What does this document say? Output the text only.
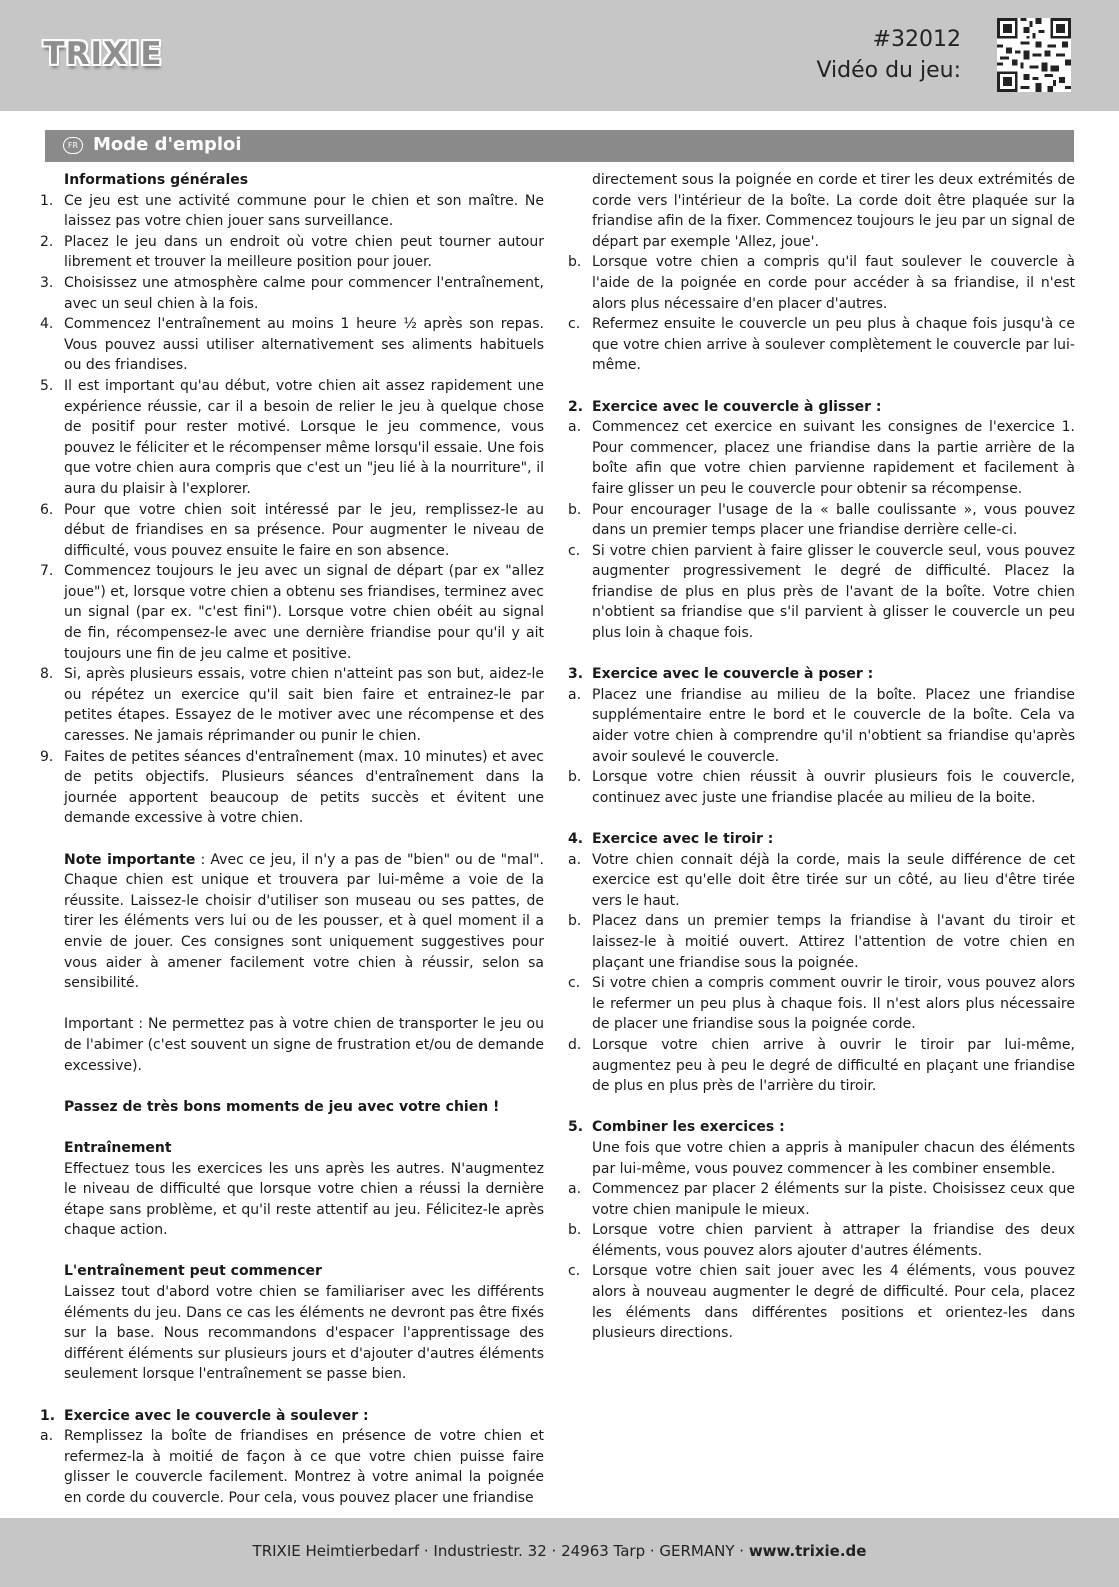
TRIXIE	#32012
Vidéo du jeu:
FR Mode d'emploi

Informations générales

1. Ce jeu est une activité commune pour le chien et son maître. Ne laissez pas votre chien jouer sans surveillance.
2. Placez le jeu dans un endroit où votre chien peut tourner autour librement et trouver la meilleure position pour jouer.
3. Choisissez une atmosphère calme pour commencer l'entraînement, avec un seul chien à la fois.
4. Commencez l'entraînement au moins 1 heure ½ après son repas. Vous pouvez aussi utiliser alternativement ses aliments habituels ou des friandises.
5. Il est important qu'au début, votre chien ait assez rapidement une expérience réussie, car il a besoin de relier le jeu à quelque chose de positif pour rester motivé. Lorsque le jeu commence, vous pouvez le féliciter et le récompenser même lorsqu'il essaie. Une fois que votre chien aura compris que c'est un "jeu lié à la nourriture", il aura du plaisir à l'explorer.
6. Pour que votre chien soit intéressé par le jeu, remplissez-le au début de friandises en sa présence. Pour augmenter le niveau de difficulté, vous pouvez ensuite le faire en son absence.
7. Commencez toujours le jeu avec un signal de départ (par ex "allez joue") et, lorsque votre chien a obtenu ses friandises, terminez avec un signal (par ex. "c'est fini"). Lorsque votre chien obéit au signal de fin, récompensez-le avec une dernière friandise pour qu'il y ait toujours une fin de jeu calme et positive.
8. Si, après plusieurs essais, votre chien n'atteint pas son but, aidez-le ou répétez un exercice qu'il sait bien faire et entrainez-le par petites étapes. Essayez de le motiver avec une récompense et des caresses. Ne jamais réprimander ou punir le chien.
9. Faites de petites séances d'entraînement (max. 10 minutes) et avec de petits objectifs. Plusieurs séances d'entraînement dans la journée apportent beaucoup de petits succès et évitent une demande excessive à votre chien.

Note importante : Avec ce jeu, il n'y a pas de "bien" ou de "mal". Chaque chien est unique et trouvera par lui-même a voie de la réussite. Laissez-le choisir d'utiliser son museau ou ses pattes, de tirer les éléments vers lui ou de les pousser, et à quel moment il a envie de jouer. Ces consignes sont uniquement suggestives pour vous aider à amener facilement votre chien à réussir, selon sa sensibilité.

Important : Ne permettez pas à votre chien de transporter le jeu ou de l'abimer (c'est souvent un signe de frustration et/ou de demande excessive).

Passez de très bons moments de jeu avec votre chien !

Entraînement

Effectuez tous les exercices les uns après les autres. N'augmentez le niveau de difficulté que lorsque votre chien a réussi la dernière étape sans problème, et qu'il reste attentif au jeu. Félicitez-le après chaque action.

L'entraînement peut commencer

Laissez tout d'abord votre chien se familiariser avec les différents éléments du jeu. Dans ce cas les éléments ne devront pas être fixés sur la base. Nous recommandons d'espacer l'apprentissage des différent éléments sur plusieurs jours et d'ajouter d'autres éléments seulement lorsque l'entraînement se passe bien.

1. Exercice avec le couvercle à soulever :

a. Remplissez la boîte de friandises en présence de votre chien et refermez-la à moitié de façon à ce que votre chien puisse faire glisser le couvercle facilement. Montrez à votre animal la poignée en corde du couvercle. Pour cela, vous pouvez placer une friandise

directement sous la poignée en corde et tirer les deux extrémités de corde vers l'intérieur de la boîte. La corde doit être plaquée sur la friandise afin de la fixer. Commencez toujours le jeu par un signal de départ par exemple 'Allez, joue'.

b. Lorsque votre chien a compris qu'il faut soulever le couvercle à l'aide de la poignée en corde pour accéder à sa friandise, il n'est alors plus nécessaire d'en placer d'autres.
c. Refermez ensuite le couvercle un peu plus à chaque fois jusqu'à ce que votre chien arrive à soulever complètement le couvercle par lui-même.

2. Exercice avec le couvercle à glisser :

a. Commencez cet exercice en suivant les consignes de l'exercice 1. Pour commencer, placez une friandise dans la partie arrière de la boîte afin que votre chien parvienne rapidement et facilement à faire glisser un peu le couvercle pour obtenir sa récompense.
b. Pour encourager l'usage de la « balle coulissante », vous pouvez dans un premier temps placer une friandise derrière celle-ci.
c. Si votre chien parvient à faire glisser le couvercle seul, vous pouvez augmenter progressivement le degré de difficulté. Placez la friandise de plus en plus près de l'avant de la boîte. Votre chien n'obtient sa friandise que s'il parvient à glisser le couvercle un peu plus loin à chaque fois.

3. Exercice avec le couvercle à poser :

a. Placez une friandise au milieu de la boîte. Placez une friandise supplémentaire entre le bord et le couvercle de la boîte. Cela va aider votre chien à comprendre qu'il n'obtient sa friandise qu'après avoir soulevé le couvercle.
b. Lorsque votre chien réussit à ouvrir plusieurs fois le couvercle, continuez avec juste une friandise placée au milieu de la boite.

4. Exercice avec le tiroir :

a. Votre chien connait déjà la corde, mais la seule différence de cet exercice est qu'elle doit être tirée sur un côté, au lieu d'être tirée vers le haut.
b. Placez dans un premier temps la friandise à l'avant du tiroir et laissez-le à moitié ouvert. Attirez l'attention de votre chien en plaçant une friandise sous la poignée.
c. Si votre chien a compris comment ouvrir le tiroir, vous pouvez alors le refermer un peu plus à chaque fois. Il n'est alors plus nécessaire de placer une friandise sous la poignée corde.
d. Lorsque votre chien arrive à ouvrir le tiroir par lui-même, augmentez peu à peu le degré de difficulté en plaçant une friandise de plus en plus près de l'arrière du tiroir.

5. Combiner les exercices :

Une fois que votre chien a appris à manipuler chacun des éléments par lui-même, vous pouvez commencer à les combiner ensemble.

a. Commencez par placer 2 éléments sur la piste. Choisissez ceux que votre chien manipule le mieux.
b. Lorsque votre chien parvient à attraper la friandise des deux éléments, vous pouvez alors ajouter d'autres éléments.
c. Lorsque votre chien sait jouer avec les 4 éléments, vous pouvez alors à nouveau augmenter le degré de difficulté. Pour cela, placez les éléments dans différentes positions et orientez-les dans plusieurs directions.
TRIXIE Heimtierbedarf · Industriestr. 32 · 24963 Tarp · GERMANY · www.trixie.de
